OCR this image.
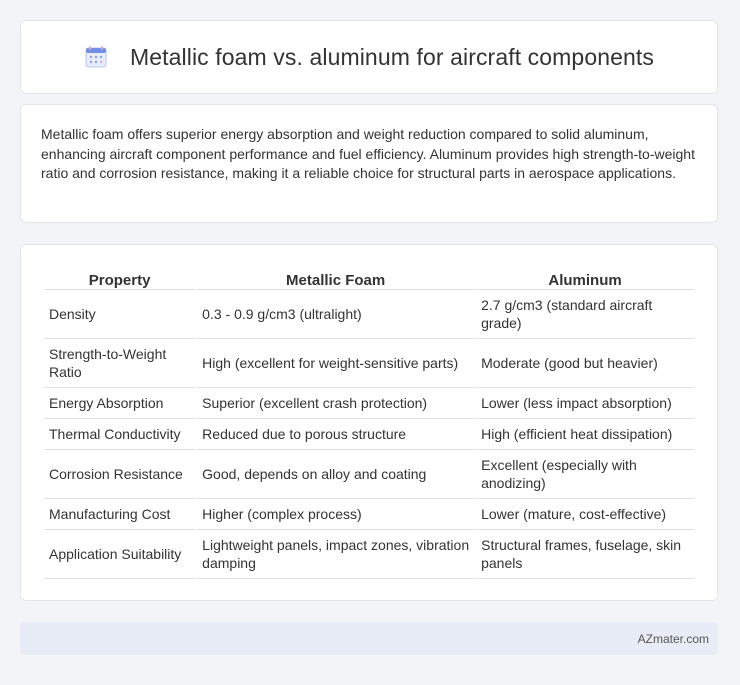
Metallic foam vs. aluminum for aircraft components

Metallic foam offers superior energy absorption and weight reduction compared to solid aluminum, enhancing aircraft component performance and fuel efficiency. Aluminum provides high strength-to-weight ratio and corrosion resistance, making it a reliable choice for structural parts in aerospace applications.

Property	Metallic Foam	Aluminum
Density	0.3 - 0.9 g/cm3 (ultralight)	2.7 g/cm3 (standard aircraft grade)
Strength-to-Weight Ratio	High (excellent for weight-sensitive parts)	Moderate (good but heavier)
Energy Absorption	Superior (excellent crash protection)	Lower (less impact absorption)
Thermal Conductivity	Reduced due to porous structure	High (efficient heat dissipation)
Corrosion Resistance	Good, depends on alloy and coating	Excellent (especially with anodizing)
Manufacturing Cost	Higher (complex process)	Lower (mature, cost-effective)
Application Suitability	Lightweight panels, impact zones, vibration damping	Structural frames, fuselage, skin panels
AZmater.com
